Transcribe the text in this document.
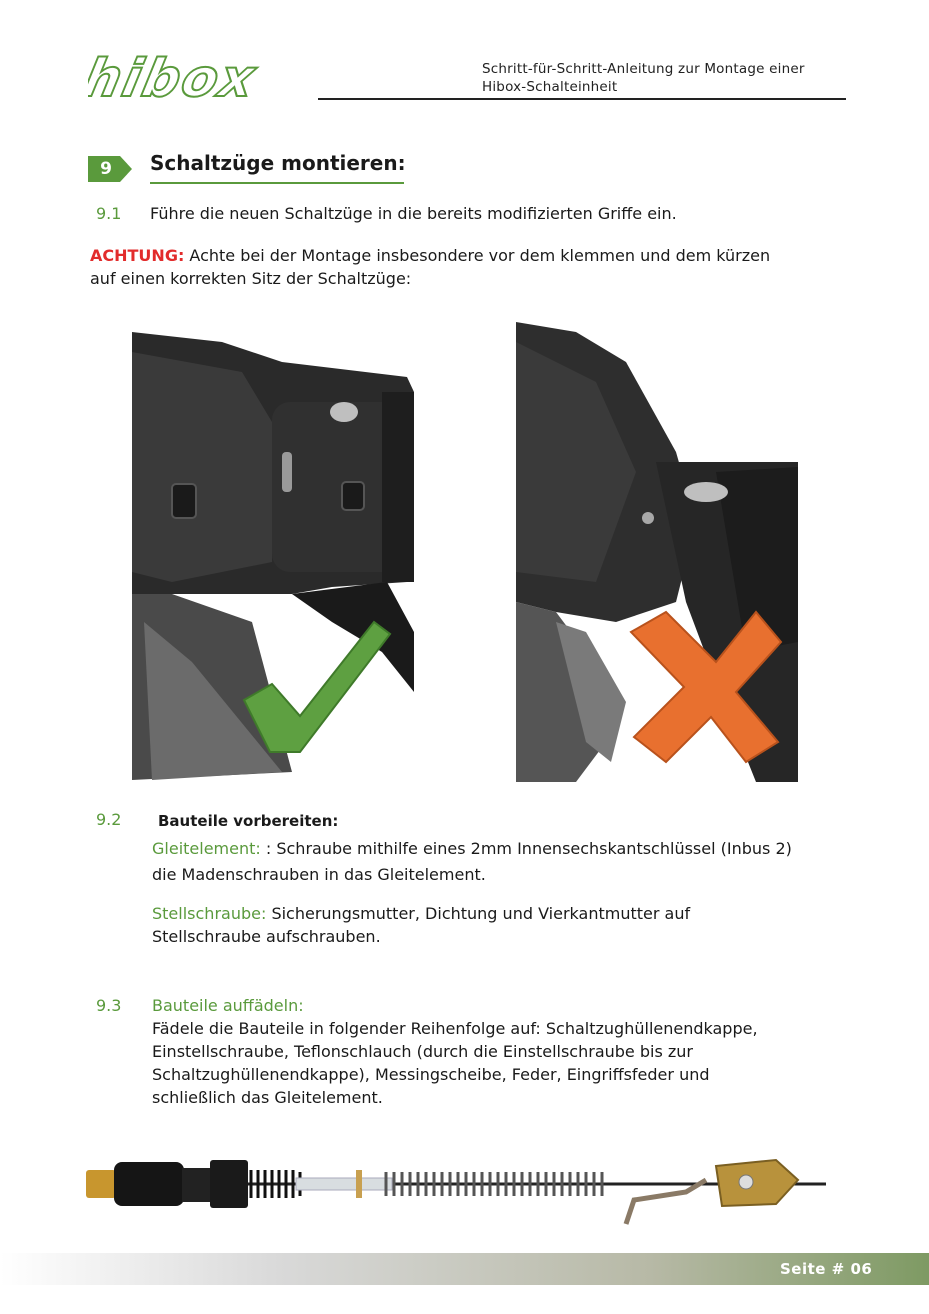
hibox	Schritt-für-Schritt-Anleitung zur Montage einer
Hibox-Schalteinheit
9 Schaltzüge montieren:
9.1 Führe die neuen Schaltzüge in die bereits modifizierten Griffe ein.
ACHTUNG: Achte bei der Montage insbesondere vor dem klemmen und dem kürzen
auf einen korrekten Sitz der Schaltzüge:
9.2 Bauteile vorbereiten:
Gleitelement: : Schraube mithilfe eines 2mm Innensechskantschlüssel (Inbus 2)
die Madenschrauben in das Gleitelement.
Stellschraube: Sicherungsmutter, Dichtung und Vierkantmutter auf
Stellschraube aufschrauben.
9.3 Bauteile auffädeln:
Fädele die Bauteile in folgender Reihenfolge auf: Schaltzughüllenendkappe,
Einstellschraube, Teflonschlauch (durch die Einstellschraube bis zur
Schaltzughüllenendkappe), Messingscheibe, Feder, Eingriffsfeder und
schließlich das Gleitelement.
Seite # 06
